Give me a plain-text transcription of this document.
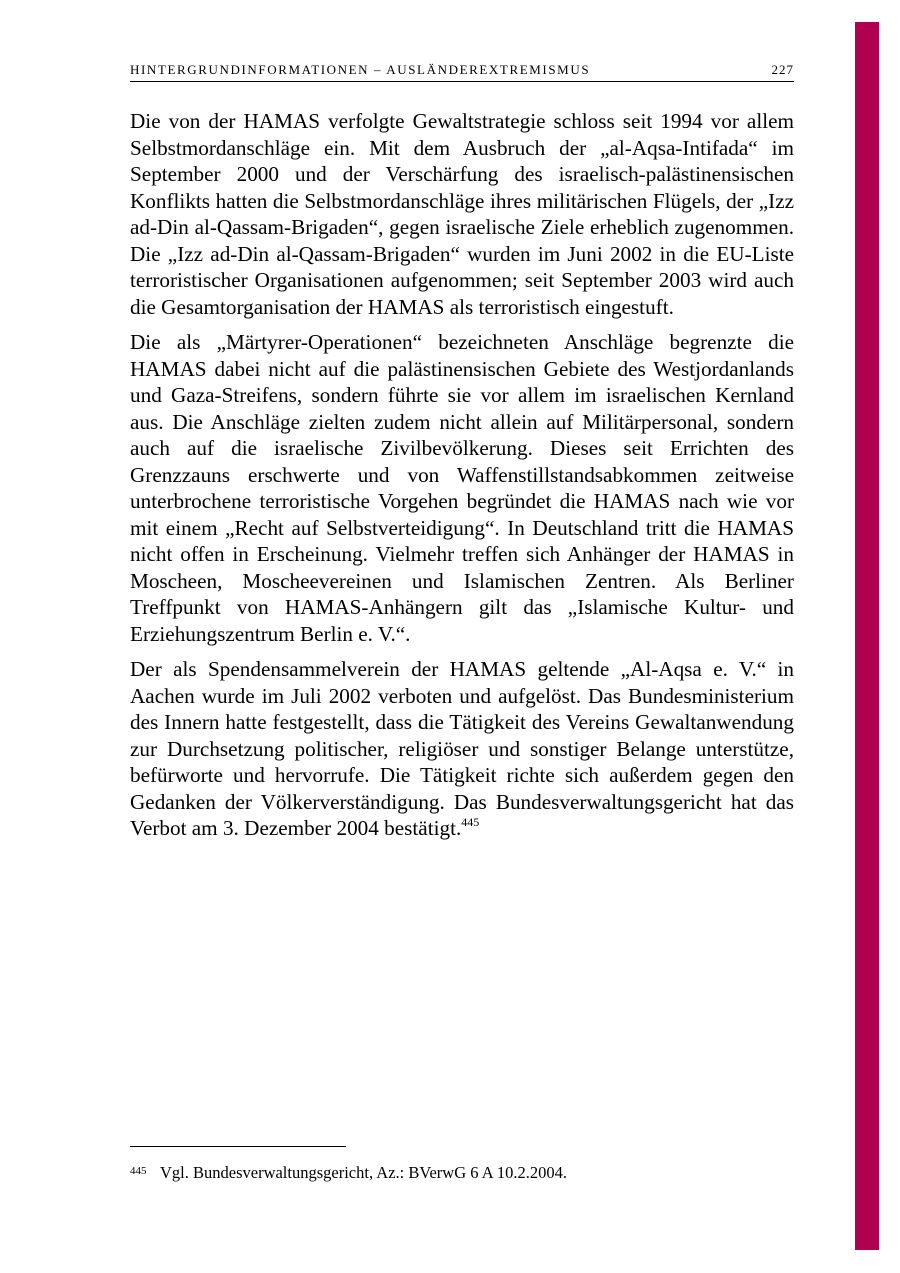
HINTERGRUNDINFORMATIONEN – AUSLÄNDEREXTREMISMUS	227

Die von der HAMAS verfolgte Gewaltstrategie schloss seit 1994 vor allem Selbstmordanschläge ein. Mit dem Ausbruch der „al-Aqsa-Intifada“ im September 2000 und der Verschärfung des israelisch-palästinensischen Konflikts hatten die Selbstmordanschläge ihres militärischen Flügels, der „Izz ad-Din al-Qassam-Brigaden“, gegen israelische Ziele erheblich zugenommen. Die „Izz ad-Din al-Qassam-Brigaden“ wurden im Juni 2002 in die EU-Liste terroristischer Organisationen aufgenommen; seit September 2003 wird auch die Gesamtorganisation der HAMAS als terroristisch eingestuft.

Die als „Märtyrer-Operationen“ bezeichneten Anschläge begrenzte die HAMAS dabei nicht auf die palästinensischen Gebiete des Westjordanlands und Gaza-Streifens, sondern führte sie vor allem im israelischen Kernland aus. Die Anschläge zielten zudem nicht allein auf Militärpersonal, sondern auch auf die israelische Zivilbevölkerung. Dieses seit Errichten des Grenzzauns erschwerte und von Waffenstillstandsabkommen zeitweise unterbrochene terroristische Vorgehen begründet die HAMAS nach wie vor mit einem „Recht auf Selbstverteidigung“. In Deutschland tritt die HAMAS nicht offen in Erscheinung. Vielmehr treffen sich Anhänger der HAMAS in Moscheen, Moscheevereinen und Islamischen Zentren. Als Berliner Treffpunkt von HAMAS-Anhängern gilt das „Islamische Kultur- und Erziehungszentrum Berlin e. V.“.

Der als Spendensammelverein der HAMAS geltende „Al-Aqsa e. V.“ in Aachen wurde im Juli 2002 verboten und aufgelöst. Das Bundesministerium des Innern hatte festgestellt, dass die Tätigkeit des Vereins Gewaltanwendung zur Durchsetzung politischer, religiöser und sonstiger Belange unterstütze, befürworte und hervorrufe. Die Tätigkeit richte sich außerdem gegen den Gedanken der Völkerverständigung. Das Bundesverwaltungsgericht hat das Verbot am 3. Dezember 2004 bestätigt.$^{445}$

445 Vgl. Bundesverwaltungsgericht, Az.: BVerwG 6 A 10.2.2004.
